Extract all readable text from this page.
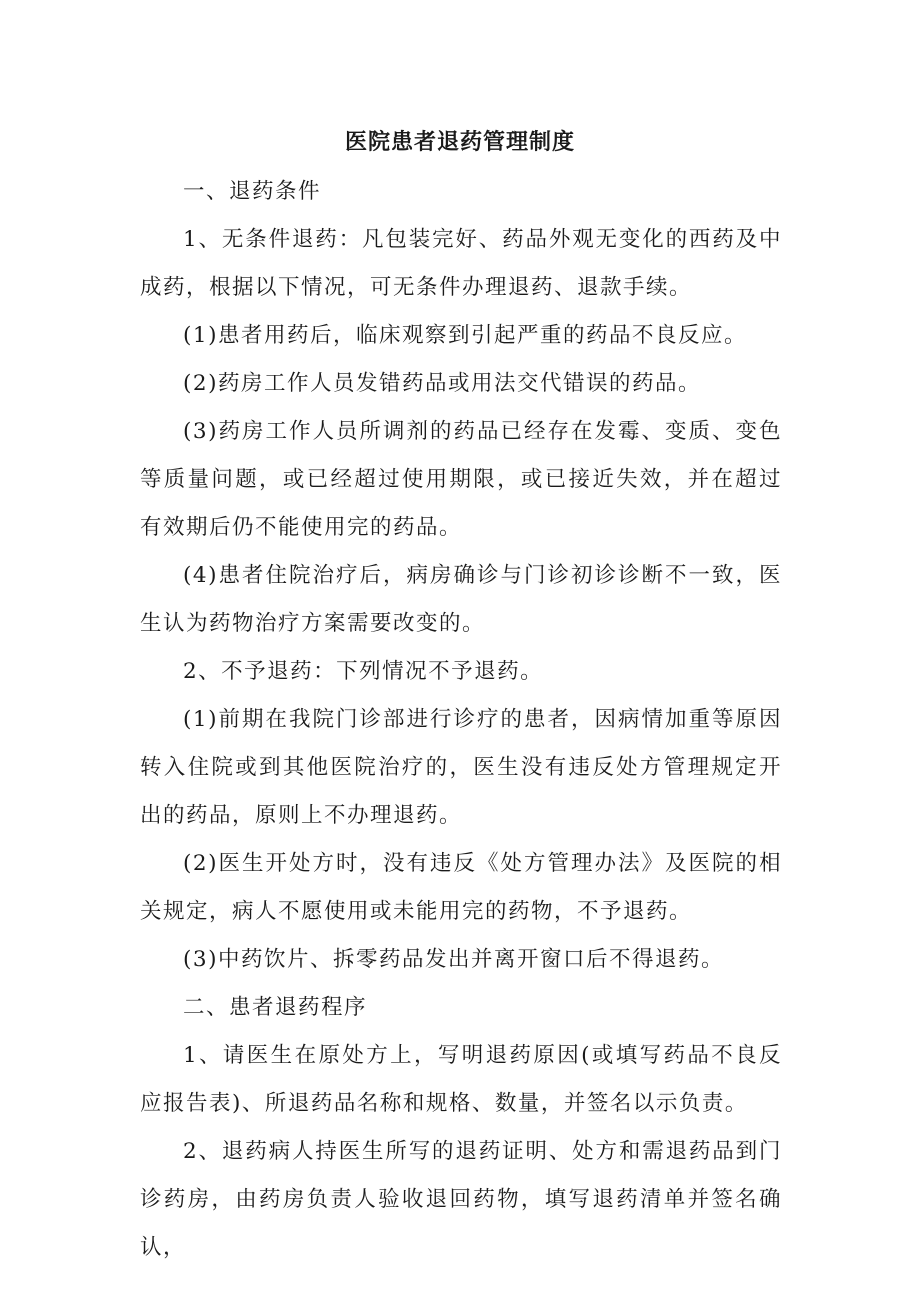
医院患者退药管理制度

一、退药条件

1、无条件退药：凡包装完好、药品外观无变化的西药及中成药，根据以下情况，可无条件办理退药、退款手续。

(1)患者用药后，临床观察到引起严重的药品不良反应。

(2)药房工作人员发错药品或用法交代错误的药品。

(3)药房工作人员所调剂的药品已经存在发霉、变质、变色等质量问题，或已经超过使用期限，或已接近失效，并在超过有效期后仍不能使用完的药品。

(4)患者住院治疗后，病房确诊与门诊初诊诊断不一致，医生认为药物治疗方案需要改变的。

2、不予退药：下列情况不予退药。

(1)前期在我院门诊部进行诊疗的患者，因病情加重等原因转入住院或到其他医院治疗的，医生没有违反处方管理规定开出的药品，原则上不办理退药。

(2)医生开处方时，没有违反《处方管理办法》及医院的相关规定，病人不愿使用或未能用完的药物，不予退药。

(3)中药饮片、拆零药品发出并离开窗口后不得退药。

二、患者退药程序

1、请医生在原处方上，写明退药原因(或填写药品不良反应报告表)、所退药品名称和规格、数量，并签名以示负责。

2、退药病人持医生所写的退药证明、处方和需退药品到门诊药房，由药房负责人验收退回药物，填写退药清单并签名确认，
